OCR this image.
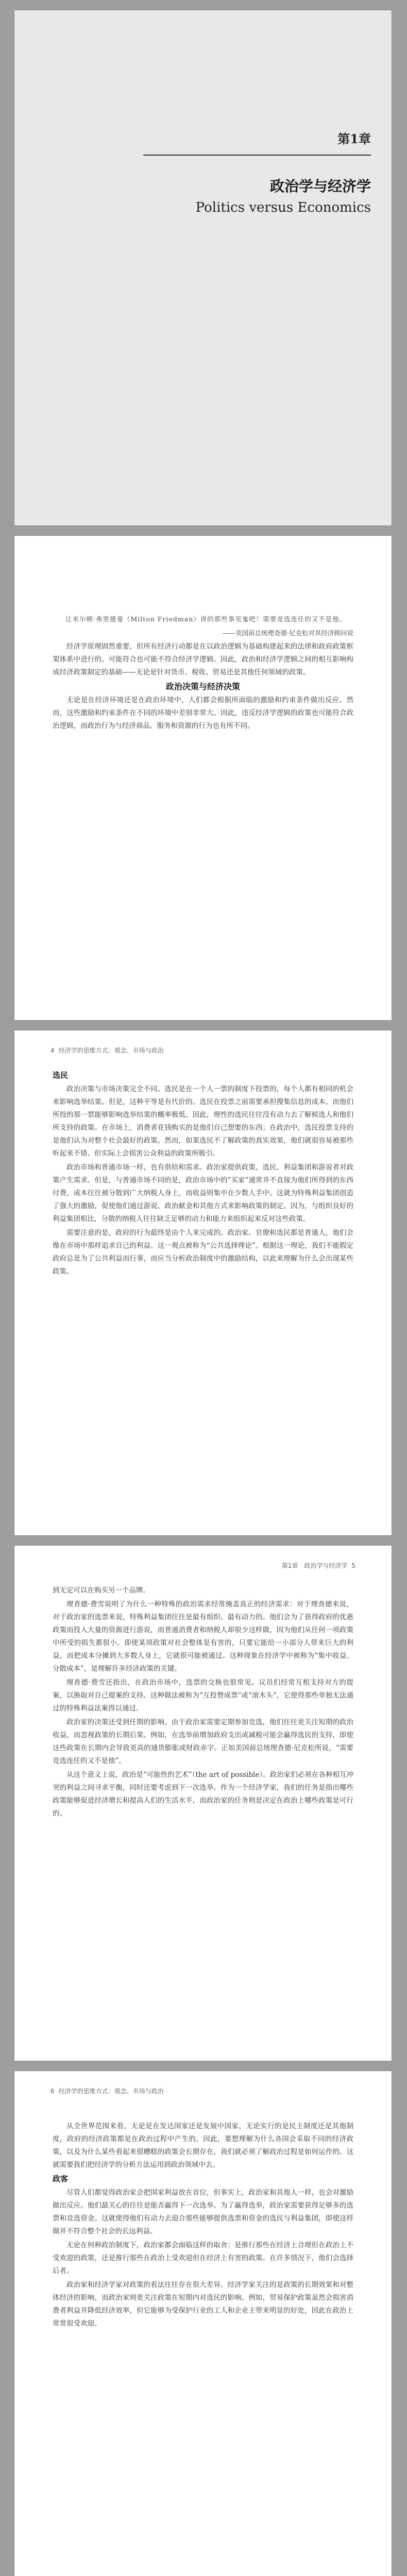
第1章
政治学与经济学
Politics versus Economics

让米尔顿·弗里德曼（Milton Friedman）讲的那些事见鬼吧！需要竞选连任的又不是他。

——美国前总统理查德·尼克松对其经济顾问说

经济学原理固然重要，但所有经济行动都是在以政治逻辑为基础构建起来的法律和政府政策框架体系中进行的。可能符合也可能不符合经济学逻辑。因此，政治和经济学逻辑之间的相互影响构成经济政策制定的基础——无论是针对货币、税收、贸易还是其他任何领域的政策。

政治决策与经济决策

无论是在经济环境还是在政治环境中，人们都会根据所面临的激励和约束条件做出反应。然而，这些激励和约束条件在不同的环境中差别非常大。因此，违反经济学逻辑的政策也可能符合政治逻辑，而政治行为与经济商品、服务和资源的行为也有所不同。

4 经济学的思维方式：观念、市场与政治

选民

政治决策与市场决策完全不同。选民是在一个人一票的制度下投票的，每个人都有相同的机会来影响选举结果。但是，这种平等是有代价的。选民在投票之前需要承担搜集信息的成本，而他们所投的那一票能够影响选举结果的概率极低。因此，理性的选民往往没有动力去了解候选人和他们所支持的政策。在市场上，消费者花钱购买的是他们自己想要的东西；在政治中，选民投票支持的是他们认为对整个社会最好的政策。然而，如果选民不了解政策的真实效果，他们就很容易被那些听起来不错、但实际上会损害公众利益的政策所吸引。

政治市场和普通市场一样，也有供给和需求。政治家提供政策，选民、利益集团和游说者对政策产生需求。但是，与普通市场不同的是，政治市场中的“买家”通常并不直接为他们所得到的东西付费，成本往往被分散到广大纳税人身上，而收益则集中在少数人手中。这就为特殊利益集团创造了强大的激励，促使他们通过游说、政治献金和其他方式来影响政策的制定。因为，与组织良好的利益集团相比，分散的纳税人往往缺乏足够的动力和能力来组织起来反对这些政策。

需要注意的是，政府的行为最终是由个人来完成的。政治家、官僚和选民都是普通人，他们会像在市场中那样追求自己的利益。这一观点被称为“公共选择理论”。根据这一理论，我们不能假定政府总是为了公共利益而行事，而应当分析政治制度中的激励结构，以此来理解为什么会出现某些政策。

第1章　政治学与经济学 5

到无定可以在购买另一个品牌。

理查德·费雪说明了为什么一种特殊的政治需求经常掩盖真正的经济需求：对于理查德来说，对于政治家的选票来说，特殊利益集团往往是最有组织、最有动力的。他们会为了获得政府的优惠政策而投入大量的资源进行游说，而普通消费者和纳税人却很少这样做，因为他们从任何一项政策中所受的损失都很小。即使某项政策对社会整体是有害的，只要它能给一小部分人带来巨大的利益，而把成本分摊到大多数人身上，它就很可能被通过。这种现象在经济学中被称为“集中收益、分散成本”，是理解许多经济政策的关键。

理查德·费雪还指出，在政治市场中，选票的交换也很常见。议员们经常互相支持对方的提案，以换取对自己提案的支持。这种做法被称为“互投赞成票”或“滚木头”，它使得那些单独无法通过的特殊利益法案得以通过。

政治家的决策还受到任期的影响。由于政治家需要定期参加竞选，他们往往更关注短期的政治收益，而忽视政策的长期后果。例如，在选举前增加政府支出或减税可能会赢得选民的支持，即使这些政策在长期内会导致更高的通货膨胀或财政赤字。正如美国前总统理查德·尼克松所说，“需要竞选连任的又不是他”。

从这个意义上说，政治是“可能性的艺术”（the art of possible）。政治家们必须在各种相互冲突的利益之间寻求平衡，同时还要考虑到下一次选举。作为一个经济学家，我们的任务是指出哪些政策能够促进经济增长和提高人们的生活水平，而政治家的任务则是决定在政治上哪些政策是可行的。

6 经济学的思维方式：观念、市场与政治

从全世界范围来看，无论是在发达国家还是发展中国家，无论实行的是民主制度还是其他制度，政府的经济政策都是在政治过程中产生的。因此，要想理解为什么各国会采取不同的经济政策，以及为什么某些看起来很糟糕的政策会长期存在，我们就必须了解政治过程是如何运作的。这就需要我们把经济学的分析方法运用到政治领域中去。

政客

尽管人们都觉得政治家会把国家利益放在首位，但事实上，政治家和其他人一样，也会对激励做出反应。他们最关心的往往是能否赢得下一次选举。为了赢得选举，政治家需要获得足够多的选票和竞选资金。这就使得他们有动力去迎合那些能够提供选票和资金的选民与利益集团，即使这样做并不符合整个社会的长远利益。

无论在何种政治制度下，政治家都会面临这样的取舍：是推行那些在经济上合理但在政治上不受欢迎的政策，还是推行那些在政治上受欢迎但在经济上有害的政策。在许多情况下，他们会选择后者。

政治家和经济学家对政策的看法往往存在很大差异。经济学家关注的是政策的长期效果和对整体经济的影响，而政治家则更关注政策在短期内对选民的影响。例如，贸易保护政策虽然会损害消费者利益并降低经济效率，但它能够为受保护行业的工人和企业主带来明显的好处，因此在政治上常常很受欢迎。
